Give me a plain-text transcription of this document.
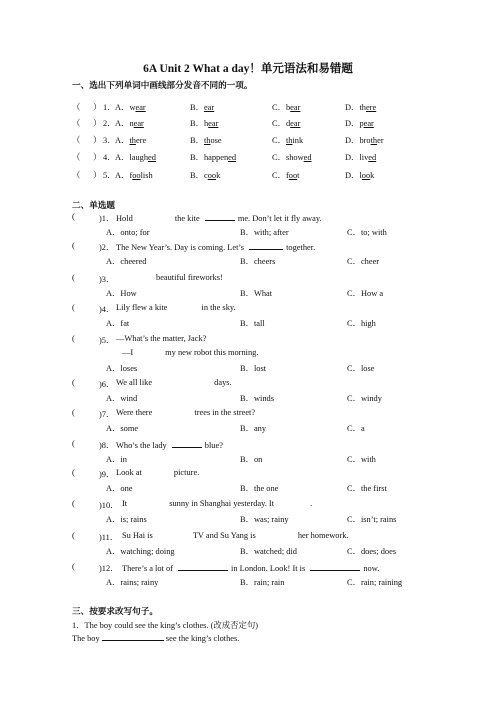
6A Unit 2 What a day！单元语法和易错题
一、选出下列单词中画线部分发音不同的一项。
（ ） 1． A．wear	B．ear	C．bear	D．there
（ ） 2． A．near	B．hear	C．dear	D．pear
（ ） 3． A．there	B．those	C．think	D．brother
（ ） 4． A．laughed	B．happened	C．showed	D．lived
（ ） 5． A．foolish	B．cook	C．foot	D．look
二、单选题
(	)1． Hold	the kite	me. Don’t let it fly away.
A．onto; for	B．with; after	C．to; with
(	)2． The New Year’s. Day is coming. Let’s	together.
A．cheered	B．cheers	C．cheer
(	)3．	beautiful fireworks!
A．How	B．What	C．How a
(	)4． Lily flew a kite	in the sky.
A．fat	B．tall	C．high
(	)5． —What’s the matter, Jack?
—I	my new robot this morning.
A．loses	B．lost	C．lose
(	)6． We all like	days.
A．wind	B．winds	C．windy
(	)7． Were there	trees in the street?
A．some	B．any	C．a
(	)8． Who’s the lady	blue?
A．in	B．on	C．with
(	)9． Look at	picture.
A．one	B．the one	C．the first
(	)10． It	sunny in Shanghai yesterday. It	.
A．is; rains	B．was; rainy	C．isn’t; rains
(	)11． Su Hai is	TV and Su Yang is	her homework.
A．watching; doing	B．watched; did	C．does; does
(	)12． There’s a lot of	in London. Look! It is	now.
A．rains; rainy	B．rain; rain	C．rain; raining
三、按要求改写句子。
1．The boy could see the king’s clothes. (改成否定句)
The boy	see the king’s clothes.
